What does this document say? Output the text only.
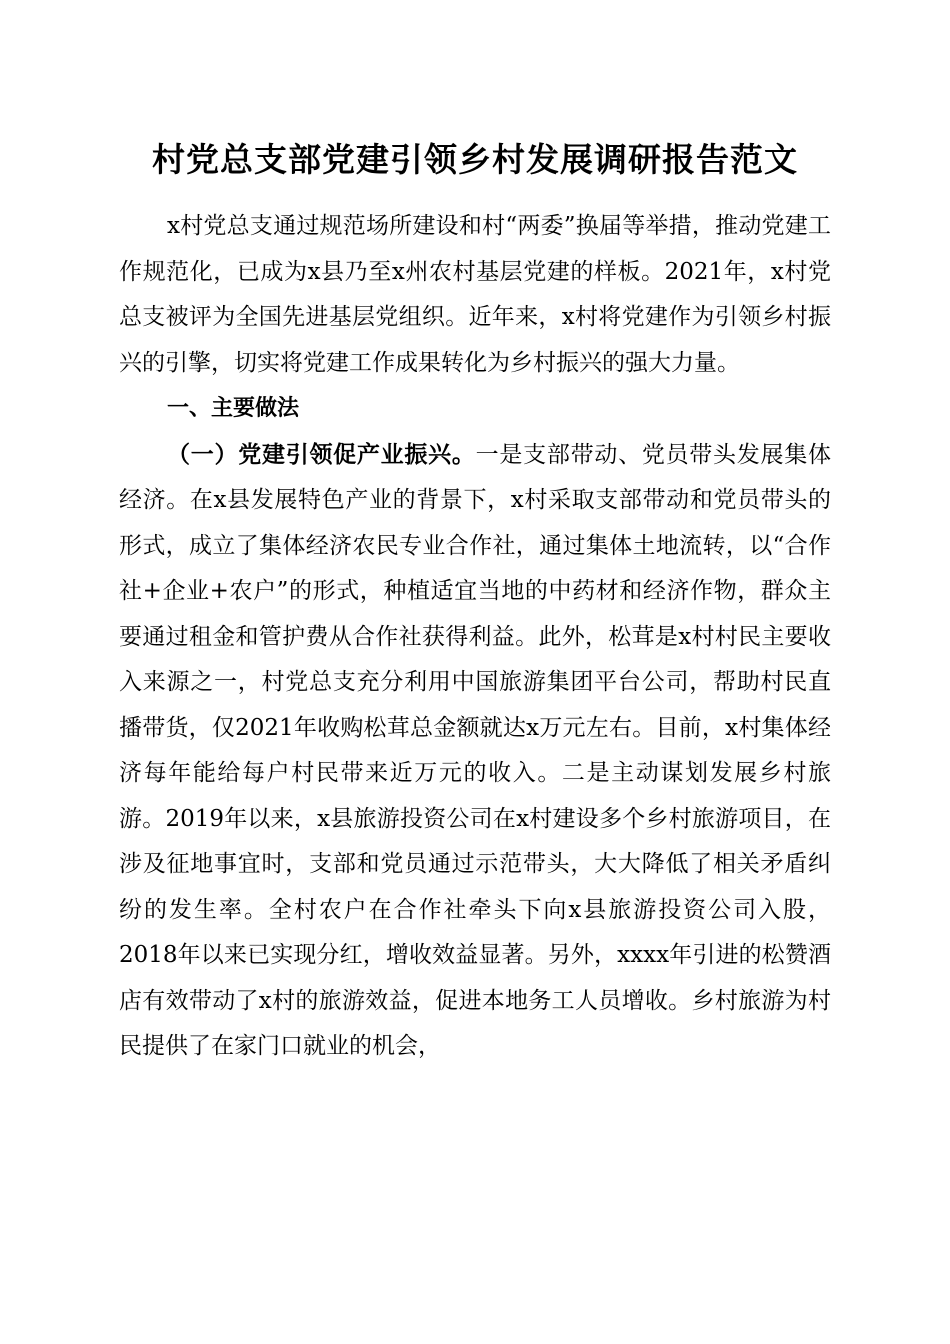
村党总支部党建引领乡村发展调研报告范文

x村党总支通过规范场所建设和村“两委”换届等举措，推动党建工作规范化，已成为x县乃至x州农村基层党建的样板。2021年，x村党总支被评为全国先进基层党组织。近年来，x村将党建作为引领乡村振兴的引擎，切实将党建工作成果转化为乡村振兴的强大力量。

一、主要做法

（一）党建引领促产业振兴。一是支部带动、党员带头发展集体经济。在x县发展特色产业的背景下，x村采取支部带动和党员带头的形式，成立了集体经济农民专业合作社，通过集体土地流转，以“合作社+企业+农户”的形式，种植适宜当地的中药材和经济作物，群众主要通过租金和管护费从合作社获得利益。此外，松茸是x村村民主要收入来源之一，村党总支充分利用中国旅游集团平台公司，帮助村民直播带货，仅2021年收购松茸总金额就达x万元左右。目前，x村集体经济每年能给每户村民带来近万元的收入。二是主动谋划发展乡村旅游。2019年以来，x县旅游投资公司在x村建设多个乡村旅游项目，在涉及征地事宜时，支部和党员通过示范带头，大大降低了相关矛盾纠纷的发生率。全村农户在合作社牵头下向x县旅游投资公司入股，2018年以来已实现分红，增收效益显著。另外，xxxx年引进的松赞酒店有效带动了x村的旅游效益，促进本地务工人员增收。乡村旅游为村民提供了在家门口就业的机会，
